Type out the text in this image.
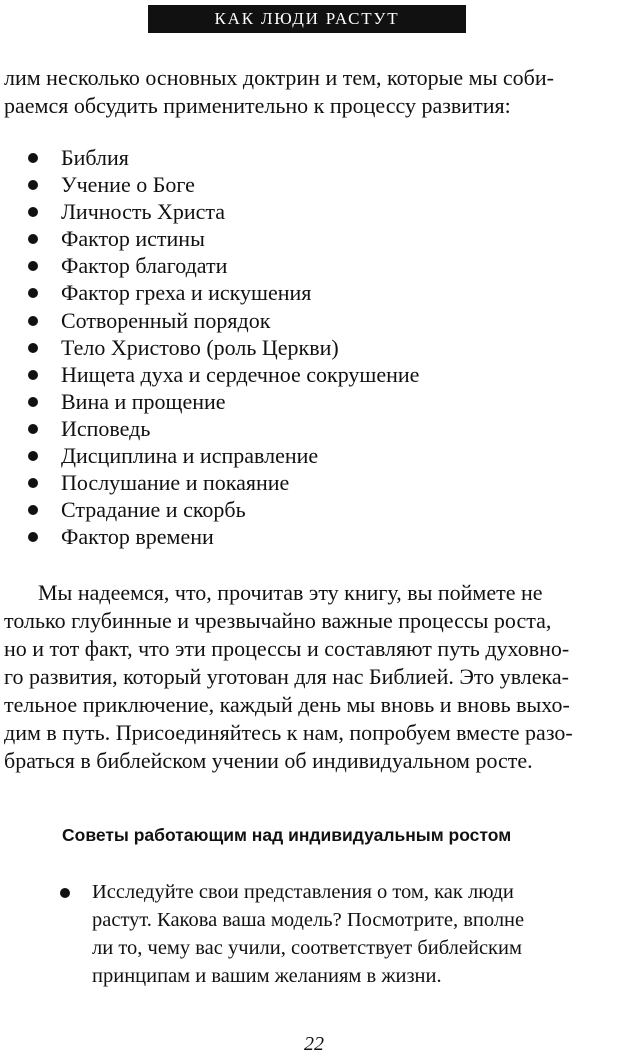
КАК ЛЮДИ РАСТУТ
лим несколько основных доктрин и тем, которые мы соби-
раемся обсудить применительно к процессу развития:
Библия
Учение о Боге
Личность Христа
Фактор истины
Фактор благодати
Фактор греха и искушения
Сотворенный порядок
Тело Христово (роль Церкви)
Нищета духа и сердечное сокрушение
Вина и прощение
Исповедь
Дисциплина и исправление
Послушание и покаяние
Страдание и скорбь
Фактор времени
Мы надеемся, что, прочитав эту книгу, вы поймете не
только глубинные и чрезвычайно важные процессы роста,
но и тот факт, что эти процессы и составляют путь духовно-
го развития, который уготован для нас Библией. Это увлека-
тельное приключение, каждый день мы вновь и вновь выхо-
дим в путь. Присоединяйтесь к нам, попробуем вместе разо-
браться в библейском учении об индивидуальном росте.
Советы работающим над индивидуальным ростом
Исследуйте свои представления о том, как люди
растут. Какова ваша модель? Посмотрите, вполне
ли то, чему вас учили, соответствует библейским
принципам и вашим желаниям в жизни.
22
